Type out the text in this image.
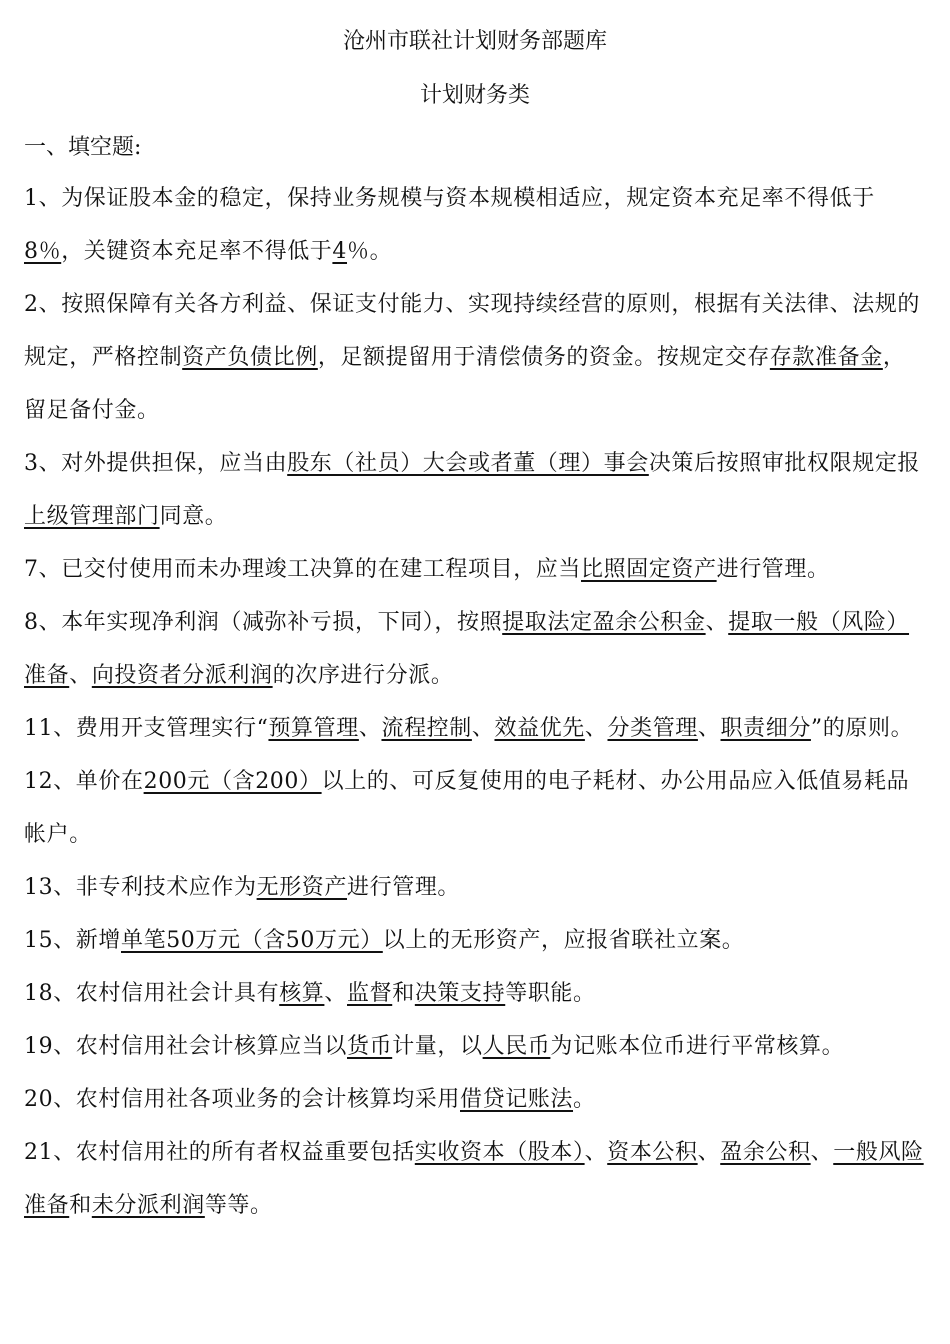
沧州市联社计划财务部题库
计划财务类
一、填空题:

1、为保证股本金的稳定，保持业务规模与资本规模相适应，规定资本充足率不得低于8％，关键资本充足率不得低于4％。

2、按照保障有关各方利益、保证支付能力、实现持续经营的原则，根据有关法律、法规的规定，严格控制资产负债比例，足额提留用于清偿债务的资金。按规定交存存款准备金，留足备付金。

3、对外提供担保，应当由股东（社员）大会或者董（理）事会决策后按照审批权限规定报上级管理部门同意。

7、已交付使用而未办理竣工决算的在建工程项目，应当比照固定资产进行管理。

8、本年实现净利润（减弥补亏损，下同），按照提取法定盈余公积金、提取一般（风险）准备、向投资者分派利润的次序进行分派。

11、费用开支管理实行“预算管理、流程控制、效益优先、分类管理、职责细分”的原则。

12、单价在200元（含200）以上的、可反复使用的电子耗材、办公用品应入低值易耗品帐户。

13、非专利技术应作为无形资产进行管理。

15、新增单笔50万元（含50万元）以上的无形资产，应报省联社立案。

18、农村信用社会计具有核算、监督和决策支持等职能。

19、农村信用社会计核算应当以货币计量，以人民币为记账本位币进行平常核算。

20、农村信用社各项业务的会计核算均采用借贷记账法。

21、农村信用社的所有者权益重要包括实收资本（股本）、资本公积、盈余公积、一般风险准备和未分派利润等等。
